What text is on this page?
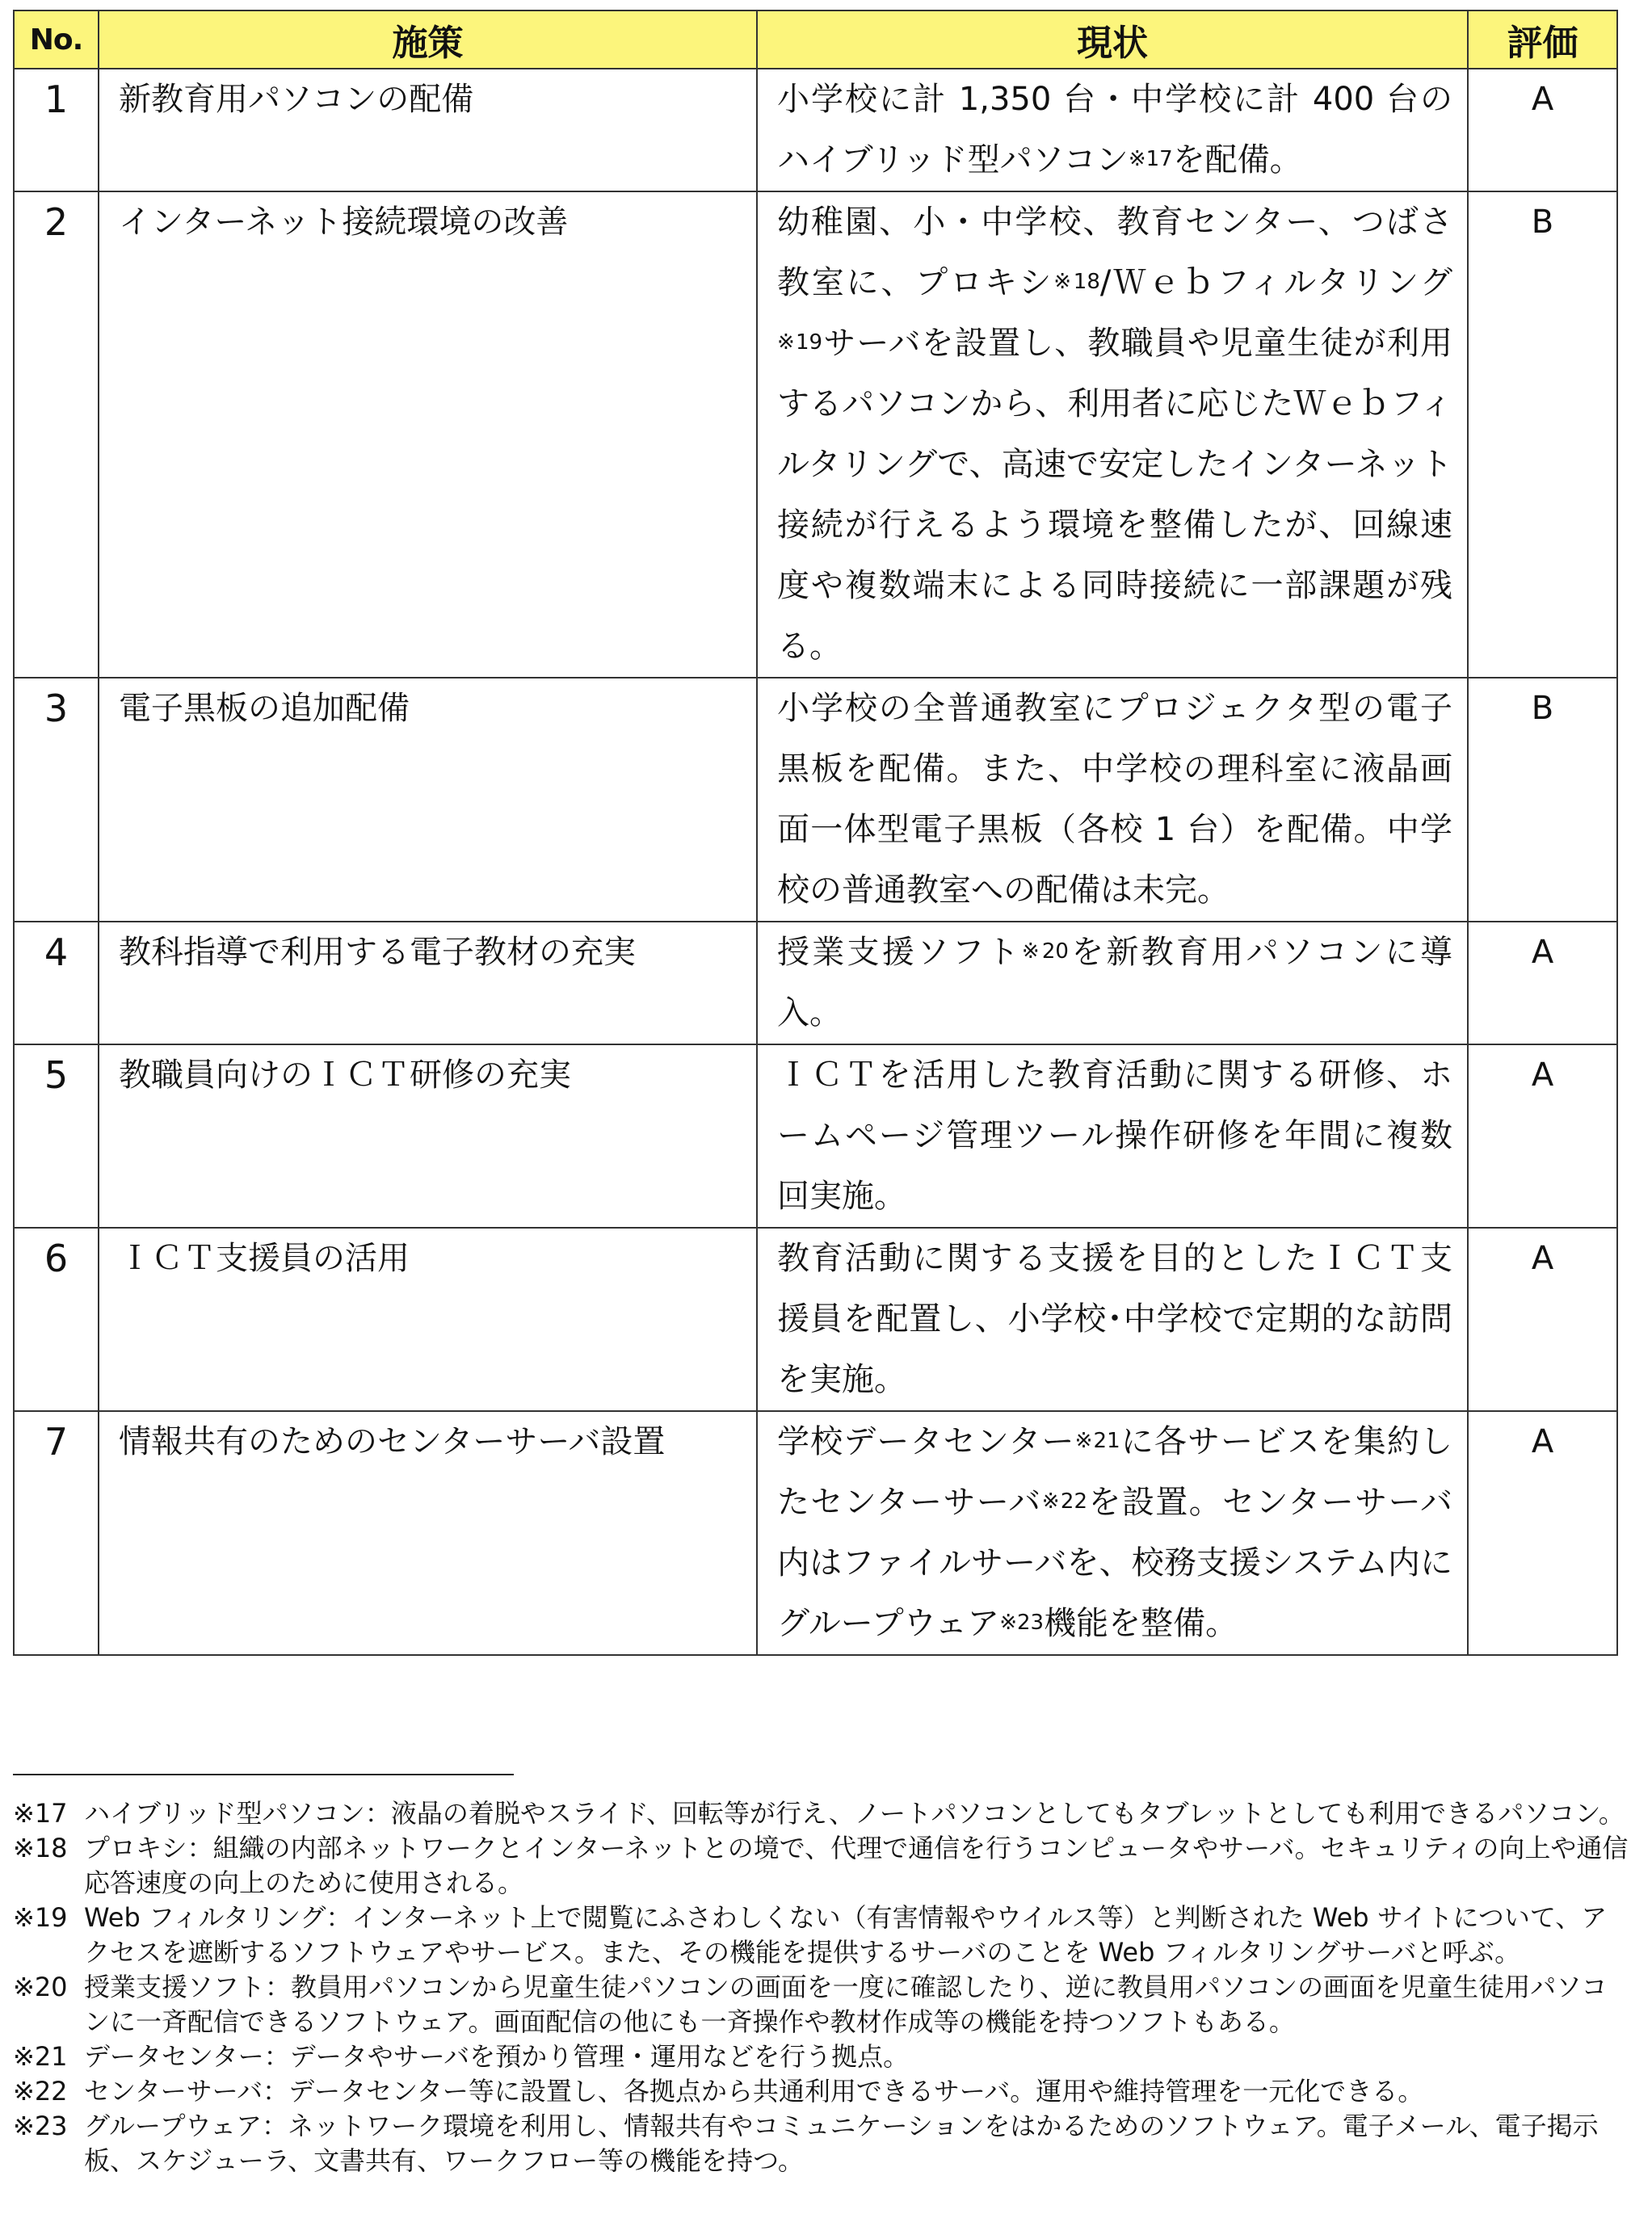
No.	施策	現状	評価
1	新教育用パソコンの配備	小学校に計 1,350 台・中学校に計 400 台のハイブリッド型パソコン$^{※17}$を配備。	A
2	インターネット接続環境の改善	幼稚園、小・中学校、教育センター、つばさ教室に、プロキシ$^{※18}$/Ｗｅｂフィルタリング$^{※19}$サーバを設置し、教職員や児童生徒が利用するパソコンから、利用者に応じたＷｅｂフィルタリングで、高速で安定したインターネット接続が行えるよう環境を整備したが、回線速度や複数端末による同時接続に一部課題が残る。	B
3	電子黒板の追加配備	小学校の全普通教室にプロジェクタ型の電子黒板を配備。また、中学校の理科室に液晶画面一体型電子黒板（各校 1 台）を配備。中学校の普通教室への配備は未完。	B
4	教科指導で利用する電子教材の充実	授業支援ソフト$^{※20}$を新教育用パソコンに導入。	A
5	教職員向けのＩＣＴ研修の充実	ＩＣＴを活用した教育活動に関する研修、ホームページ管理ツール操作研修を年間に複数回実施。	A
6	ＩＣＴ支援員の活用	教育活動に関する支援を目的としたＩＣＴ支援員を配置し、小学校･中学校で定期的な訪問を実施。	A
7	情報共有のためのセンターサーバ設置	学校データセンター$^{※21}$に各サービスを集約したセンターサーバ$^{※22}$を設置。センターサーバ内はファイルサーバを、校務支援システム内にグループウェア$^{※23}$機能を整備。	A
※17 ハイブリッド型パソコン：液晶の着脱やスライド、回転等が行え、ノートパソコンとしてもタブレットとしても利用できるパソコン。
※18 プロキシ：組織の内部ネットワークとインターネットとの境で、代理で通信を行うコンピュータやサーバ。セキュリティの向上や通信応答速度の向上のために使用される。
※19 Web フィルタリング：インターネット上で閲覧にふさわしくない（有害情報やウイルス等）と判断された Web サイトについて、アクセスを遮断するソフトウェアやサービス。また、その機能を提供するサーバのことを Web フィルタリングサーバと呼ぶ。
※20 授業支援ソフト：教員用パソコンから児童生徒パソコンの画面を一度に確認したり、逆に教員用パソコンの画面を児童生徒用パソコンに一斉配信できるソフトウェア。画面配信の他にも一斉操作や教材作成等の機能を持つソフトもある。
※21 データセンター：データやサーバを預かり管理・運用などを行う拠点。
※22 センターサーバ：データセンター等に設置し、各拠点から共通利用できるサーバ。運用や維持管理を一元化できる。
※23 グループウェア：ネットワーク環境を利用し、情報共有やコミュニケーションをはかるためのソフトウェア。電子メール、電子掲示板、スケジューラ、文書共有、ワークフロー等の機能を持つ。
